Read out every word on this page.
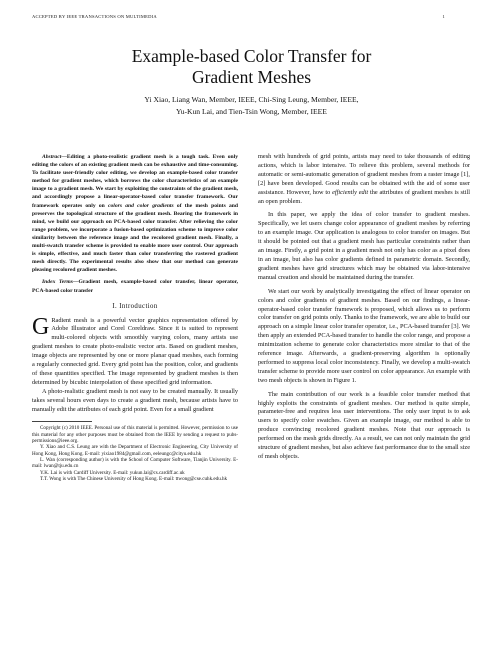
ACCEPTED BY IEEE TRANSACTIONS ON MULTIMEDIA	1
Example-based Color Transfer for
Gradient Meshes
Yi Xiao, Liang Wan, Member, IEEE, Chi-Sing Leung, Member, IEEE,
Yu-Kun Lai, and Tien-Tsin Wong, Member, IEEE

Abstract—Editing a photo-realistic gradient mesh is a tough task. Even only editing the colors of an existing gradient mesh can be exhaustive and time-consuming. To facilitate user-friendly color editing, we develop an example-based color transfer method for gradient meshes, which borrows the color characteristics of an example image to a gradient mesh. We start by exploiting the constraints of the gradient mesh, and accordingly propose a linear-operator-based color transfer framework. Our framework operates only on colors and color gradients of the mesh points and preserves the topological structure of the gradient mesh. Bearing the framework in mind, we build our approach on PCA-based color transfer. After relieving the color range problem, we incorporate a fusion-based optimization scheme to improve color similarity between the reference image and the recolored gradient mesh. Finally, a multi-swatch transfer scheme is provided to enable more user control. Our approach is simple, effective, and much faster than color transferring the rastered gradient mesh directly. The experimental results also show that our method can generate pleasing recolored gradient meshes.

Index Terms—Gradient mesh, example-based color transfer, linear operator, PCA-based color transfer

I. Introduction

G Radient mesh is a powerful vector graphics representation offered by Adobe Illustrator and Corel Coreldraw. Since it is suited to represent multi-colored objects with smoothly varying colors, many artists use gradient meshes to create photo-realistic vector arts. Based on gradient meshes, image objects are represented by one or more planar quad meshes, each forming a regularly connected grid. Every grid point has the position, color, and gradients of these quantities specified. The image represented by gradient meshes is then determined by bicubic interpolation of these specified grid information.

A photo-realistic gradient mesh is not easy to be created manually. It usually takes several hours even days to create a gradient mesh, because artists have to manually edit the attributes of each grid point. Even for a small gradient

Copyright (c) 2010 IEEE. Personal use of this material is permitted. However, permission to use this material for any other purposes must be obtained from the IEEE by sending a request to pubs-permissions@ieee.org.

Y. Xiao and C.S. Leung are with the Department of Electronic Engineering, City University of Hong Kong, Hong Kong. E-mail: yixiao1984@gmail.com, eeleungc@cityu.edu.hk

L. Wan (corresponding author) is with the School of Computer Software, Tianjin University. E-mail: lwan@tju.edu.cn

Y.K. Lai is with Cardiff University. E-mail: yukun.lai@cs.cardiff.ac.uk

T.T. Wong is with The Chinese University of Hong Kong. E-mail: ttwong@cse.cuhk.edu.hk

mesh with hundreds of grid points, artists may need to take thousands of editing actions, which is labor intensive. To relieve this problem, several methods for automatic or semi-automatic generation of gradient meshes from a raster image [1], [2] have been developed. Good results can be obtained with the aid of some user assistance. However, how to efficiently edit the attributes of gradient meshes is still an open problem.

In this paper, we apply the idea of color transfer to gradient meshes. Specifically, we let users change color appearance of gradient meshes by referring to an example image. Our application is analogous to color transfer on images. But it should be pointed out that a gradient mesh has particular constraints rather than an image. Firstly, a grid point in a gradient mesh not only has color as a pixel does in an image, but also has color gradients defined in parametric domain. Secondly, gradient meshes have grid structures which may be obtained via labor-intensive manual creation and should be maintained during the transfer.

We start our work by analytically investigating the effect of linear operator on colors and color gradients of gradient meshes. Based on our findings, a linear-operator-based color transfer framework is proposed, which allows us to perform color transfer on grid points only. Thanks to the framework, we are able to build our approach on a simple linear color transfer operator, i.e., PCA-based transfer [3]. We then apply an extended PCA-based transfer to handle the color range, and propose a minimization scheme to generate color characteristics more similar to that of the reference image. Afterwards, a gradient-preserving algorithm is optionally performed to suppress local color inconsistency. Finally, we develop a multi-swatch transfer scheme to provide more user control on color appearance. An example with two mesh objects is shown in Figure 1.

The main contribution of our work is a feasible color transfer method that highly exploits the constraints of gradient meshes. Our method is quite simple, parameter-free and requires less user interventions. The only user input is to ask users to specify color swatches. Given an example image, our method is able to produce convincing recolored gradient meshes. Note that our approach is performed on the mesh grids directly. As a result, we can not only maintain the grid structure of gradient meshes, but also achieve fast performance due to the small size of mesh objects.
